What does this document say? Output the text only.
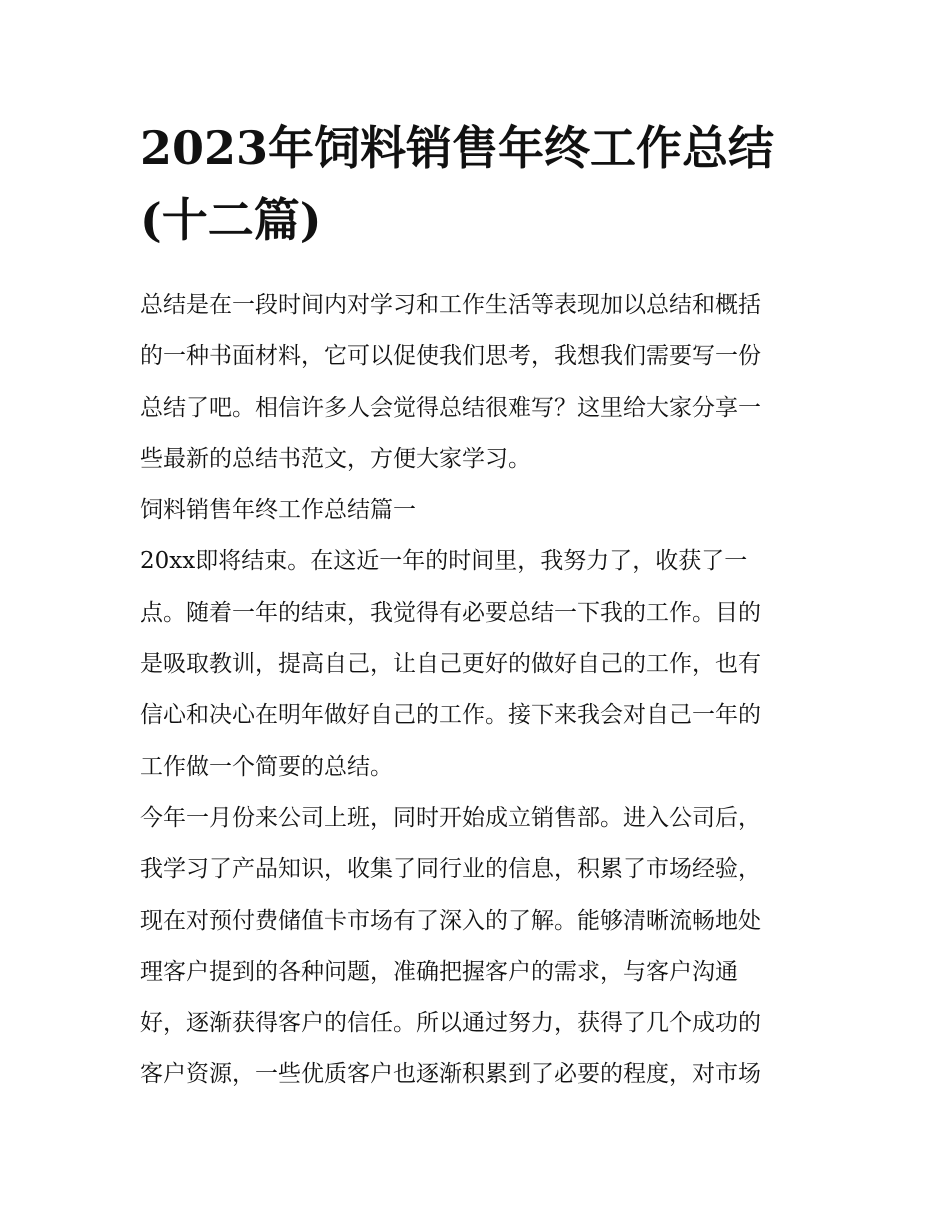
2023年饲料销售年终工作总结
(十二篇)
总结是在一段时间内对学习和工作生活等表现加以总结和概括
的一种书面材料，它可以促使我们思考，我想我们需要写一份
总结了吧。相信许多人会觉得总结很难写？这里给大家分享一
些最新的总结书范文，方便大家学习。
饲料销售年终工作总结篇一
20xx即将结束。在这近一年的时间里，我努力了，收获了一
点。随着一年的结束，我觉得有必要总结一下我的工作。目的
是吸取教训，提高自己，让自己更好的做好自己的工作，也有
信心和决心在明年做好自己的工作。接下来我会对自己一年的
工作做一个简要的总结。
今年一月份来公司上班，同时开始成立销售部。进入公司后，
我学习了产品知识，收集了同行业的信息，积累了市场经验，
现在对预付费储值卡市场有了深入的了解。能够清晰流畅地处
理客户提到的各种问题，准确把握客户的需求，与客户沟通
好，逐渐获得客户的信任。所以通过努力，获得了几个成功的
客户资源，一些优质客户也逐渐积累到了必要的程度，对市场
